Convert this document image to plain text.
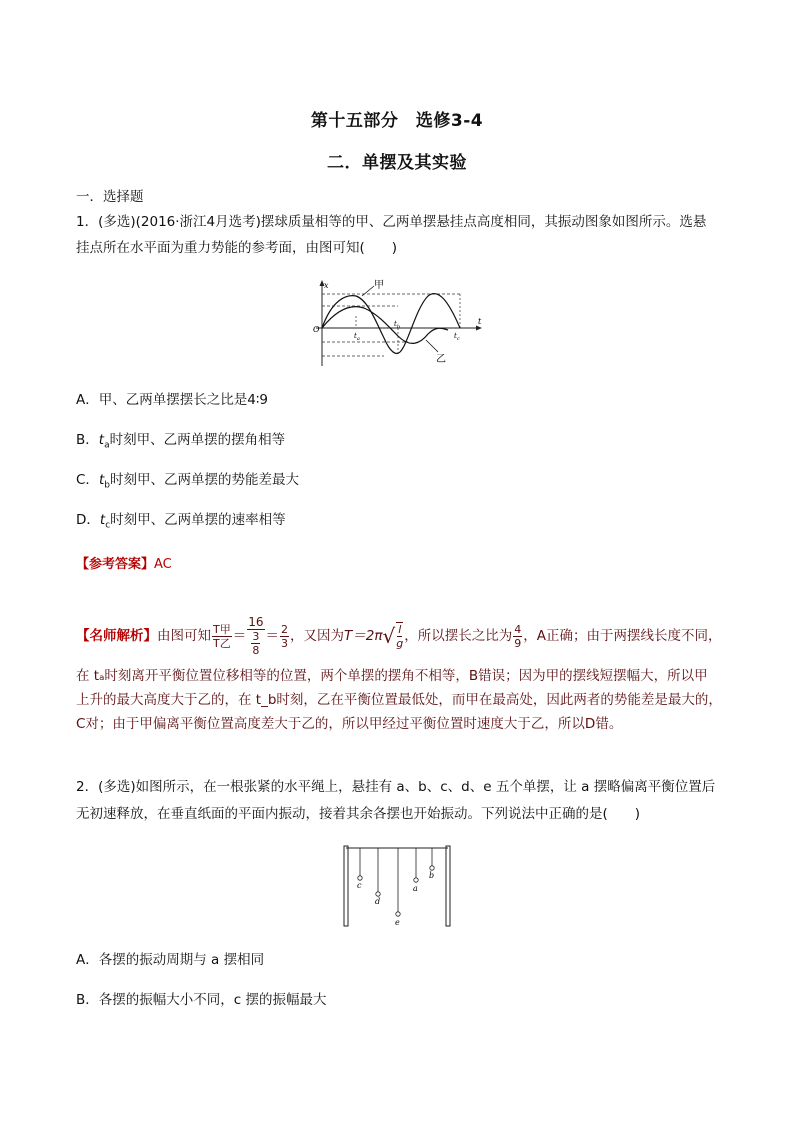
第十五部分　选修3-4
二．单摆及其实验
一．选择题
1．(多选)(2016·浙江4月选考)摆球质量相等的甲、乙两单摆悬挂点高度相同，其振动图象如图所示。选悬
挂点所在水平面为重力势能的参考面，由图可知(　　)
x
t
O
甲
乙
$t_a$
$t_b$
$t_c$
A．甲、乙两单摆摆长之比是4∶9
B．$t_a$时刻甲、乙两单摆的摆角相等
C．$t_b$时刻甲、乙两单摆的势能差最大
D．$t_c$时刻甲、乙两单摆的速率相等
【参考答案】AC
【名师解析】 由图可知 $\frac{\text{T甲}}{\text{T乙}} = \frac{16}{\frac{3}{8}} = \frac{2}{3}$ ，又因为 T＝2π √ $\frac{l}{g}$ ，所以摆长之比为 $\frac{4}{9}$ ，A正确；由于两摆线长度不同，
在 tₐ时刻离开平衡位置位移相等的位置，两个单摆的摆角不相等，B错误；因为甲的摆线短摆幅大，所以甲
上升的最大高度大于乙的，在 t_b时刻，乙在平衡位置最低处，而甲在最高处，因此两者的势能差是最大的，
C对；由于甲偏离平衡位置高度差大于乙的，所以甲经过平衡位置时速度大于乙，所以D错。
2．(多选)如图所示，在一根张紧的水平绳上，悬挂有 a、b、c、d、e 五个单摆，让 a 摆略偏离平衡位置后
无初速释放，在垂直纸面的平面内振动，接着其余各摆也开始振动。下列说法中正确的是(　　)
c
d
e
a
b
A．各摆的振动周期与 a 摆相同
B．各摆的振幅大小不同，c 摆的振幅最大
